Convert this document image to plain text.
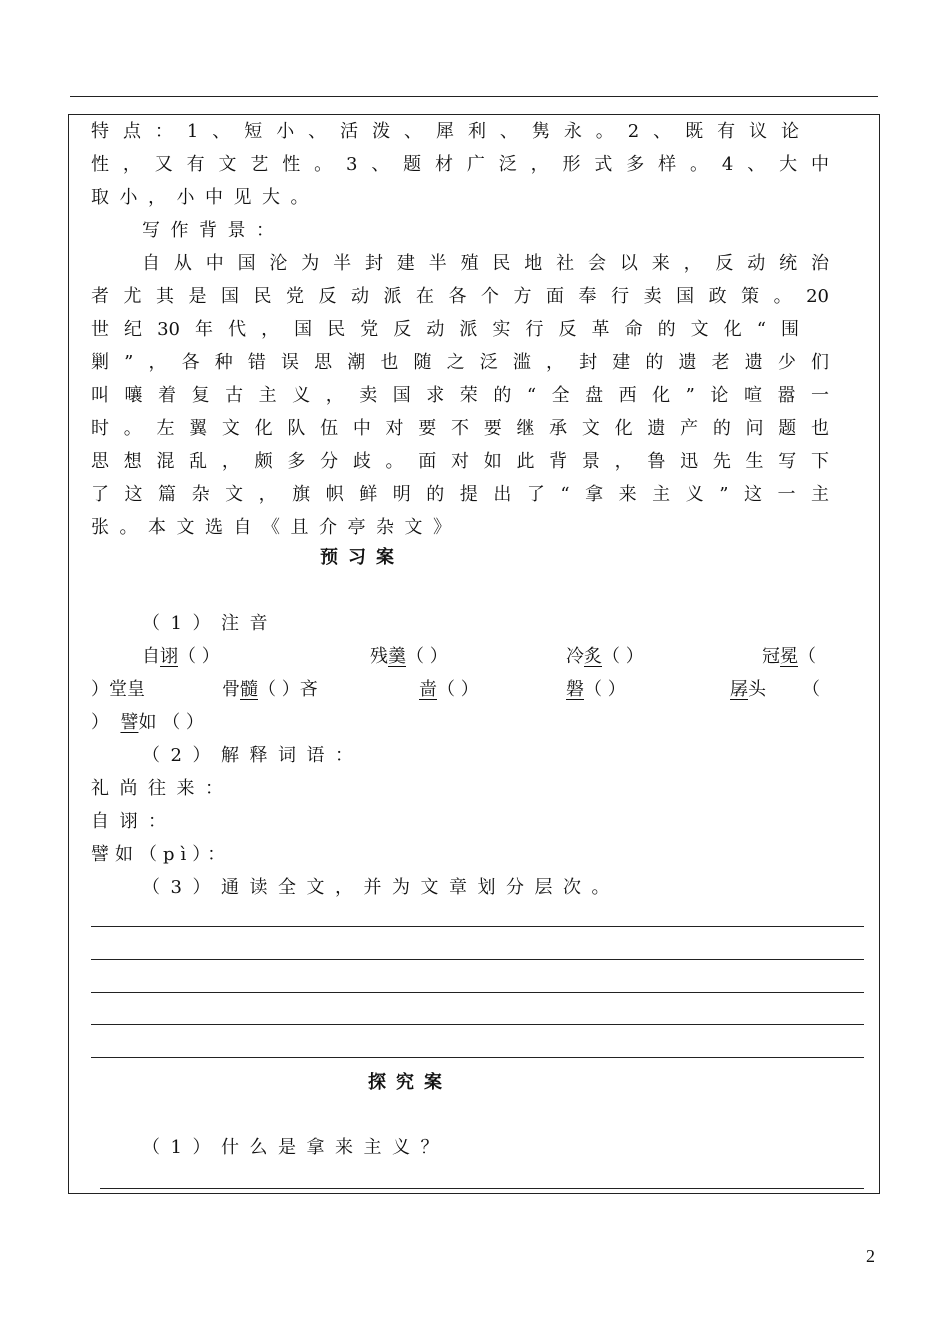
特点：1、短小、活泼、犀利、隽永。2、既有议论
性，又有文艺性。3、题材广泛，形式多样。4、大中
取小，小中见大。
写作背景：
自从中国沦为半封建半殖民地社会以来，反动统治
者尤其是国民党反动派在各个方面奉行卖国政策。20
世纪30年代，国民党反动派实行反革命的文化“围
剿”，各种错误思潮也随之泛滥，封建的遗老遗少们
叫嚷着复古主义，卖国求荣的“全盘西化”论喧嚣一
时。左翼文化队伍中对要不要继承文化遗产的问题也
思想混乱，颇多分歧。面对如此背景，鲁迅先生写下
了这篇杂文，旗帜鲜明的提出了“拿来主义”这一主
张。本文选自《且介亭杂文》
预习案
（1）注音
自诩（ ）	残羹（ ）	冷炙（ ）	冠冕（
）堂皇	骨髓（ ）吝	啬（ ）	磐（ ）	孱头 （
） 譬如 （ ）
（2）解释词语：
礼尚往来：
自诩：
譬如（pì）：
（3）通读全文，并为文章划分层次。
探究案
（1）什么是拿来主义？
2
